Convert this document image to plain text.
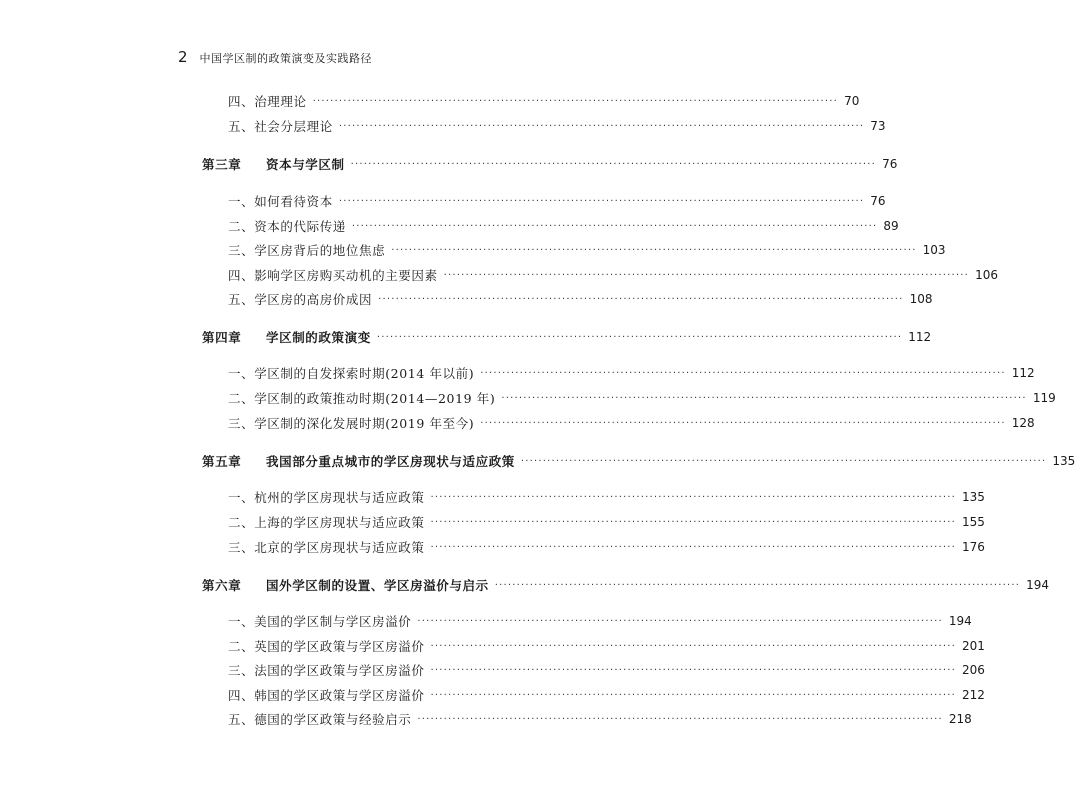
2 中国学区制的政策演变及实践路径
四、治理理论 ························································································································ 70
五、社会分层理论 ························································································································ 73
第三章 资本与学区制 ························································································································ 76
一、如何看待资本 ························································································································ 76
二、资本的代际传递 ························································································································ 89
三、学区房背后的地位焦虑 ························································································································ 103
四、影响学区房购买动机的主要因素 ························································································································ 106
五、学区房的高房价成因 ························································································································ 108
第四章 学区制的政策演变 ························································································································ 112
一、学区制的自发探索时期(2014 年以前) ························································································································ 112
二、学区制的政策推动时期(2014—2019 年) ························································································································ 119
三、学区制的深化发展时期(2019 年至今) ························································································································ 128
第五章 我国部分重点城市的学区房现状与适应政策 ························································································································ 135
一、杭州的学区房现状与适应政策 ························································································································ 135
二、上海的学区房现状与适应政策 ························································································································ 155
三、北京的学区房现状与适应政策 ························································································································ 176
第六章 国外学区制的设置、学区房溢价与启示 ························································································································ 194
一、美国的学区制与学区房溢价 ························································································································ 194
二、英国的学区政策与学区房溢价 ························································································································ 201
三、法国的学区政策与学区房溢价 ························································································································ 206
四、韩国的学区政策与学区房溢价 ························································································································ 212
五、德国的学区政策与经验启示 ························································································································ 218
